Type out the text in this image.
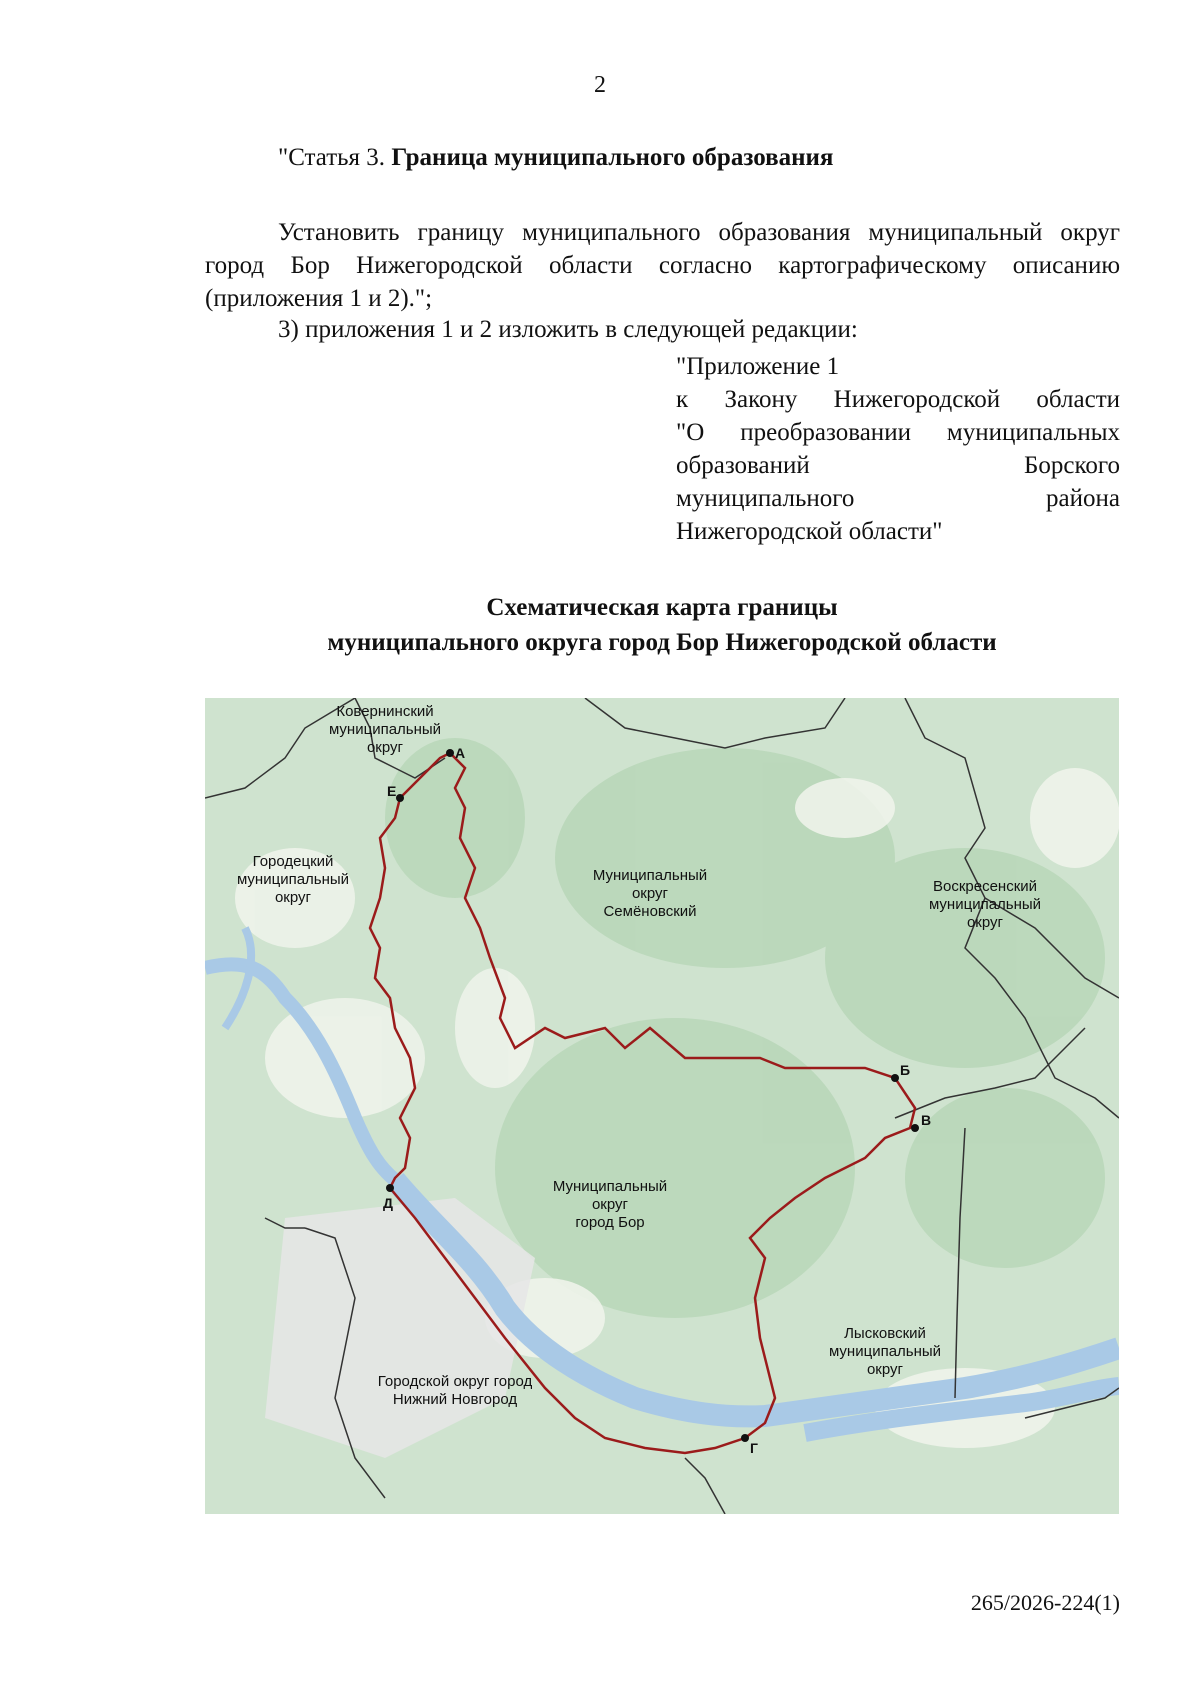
2
"Статья 3. Граница муниципального образования
Установить границу муниципального образования муниципальный округ город Бор Нижегородской области согласно картографическому описанию (приложения 1 и 2).";
3) приложения 1 и 2 изложить в следующей редакции:
"Приложение 1
к Закону Нижегородской области
"О преобразовании муниципальных
образований	Борского
муниципального	района
Нижегородской области"
Схематическая карта границы
муниципального округа город Бор Нижегородской области
А
Е
Б
В
Г
Д
Ковернинский
муниципальный
округ
Городецкий
муниципальный
округ
Муниципальный
округ
Семёновский
Воскресенский
муниципальный
округ
Муниципальный
округ
город Бор
Городской округ город
Нижний Новгород
Лысковский
муниципальный
округ
265/2026-224(1)
